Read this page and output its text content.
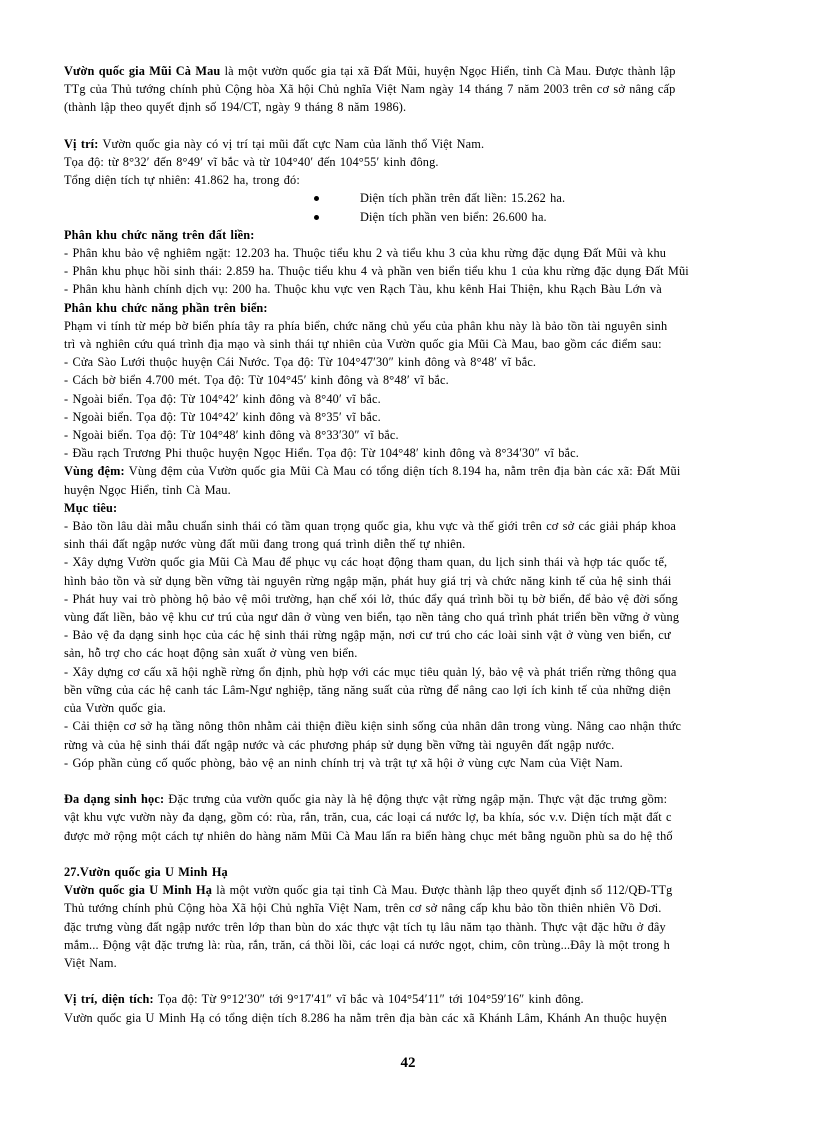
Vườn quốc gia Mũi Cà Mau là một vườn quốc gia tại xã Đất Mũi, huyện Ngọc Hiển, tỉnh Cà Mau. Được thành lập
TTg của Thủ tướng chính phủ Cộng hòa Xã hội Chủ nghĩa Việt Nam ngày 14 tháng 7 năm 2003 trên cơ sở nâng cấp
(thành lập theo quyết định số 194/CT, ngày 9 tháng 8 năm 1986).

Vị trí: Vườn quốc gia này có vị trí tại mũi đất cực Nam của lãnh thổ Việt Nam.
Tọa độ: từ 8°32′ đến 8°49′ vĩ bắc và từ 104°40′ đến 104°55′ kinh đông.
Tổng diện tích tự nhiên: 41.862 ha, trong đó:
Diện tích phần trên đất liền: 15.262 ha.
Diện tích phần ven biển: 26.600 ha.

Phân khu chức năng trên đất liền:
- Phân khu bảo vệ nghiêm ngặt: 12.203 ha. Thuộc tiểu khu 2 và tiểu khu 3 của khu rừng đặc dụng Đất Mũi và khu
- Phân khu phục hồi sinh thái: 2.859 ha. Thuộc tiểu khu 4 và phần ven biển tiểu khu 1 của khu rừng đặc dụng Đất Mũi
- Phân khu hành chính dịch vụ: 200 ha. Thuộc khu vực ven Rạch Tàu, khu kênh Hai Thiện, khu Rạch Bàu Lớn và

Phân khu chức năng phần trên biển:
Phạm vi tính từ mép bờ biển phía tây ra phía biển, chức năng chủ yếu của phân khu này là bảo tồn tài nguyên sinh
trì và nghiên cứu quá trình địa mạo và sinh thái tự nhiên của Vườn quốc gia Mũi Cà Mau, bao gồm các điểm sau:
- Cửa Sào Lưới thuộc huyện Cái Nước. Tọa độ: Từ 104°47′30″ kinh đông và 8°48′ vĩ bắc.
- Cách bờ biển 4.700 mét. Tọa độ: Từ 104°45′ kinh đông và 8°48′ vĩ bắc.
- Ngoài biển. Tọa độ: Từ 104°42′ kinh đông và 8°40′ vĩ bắc.
- Ngoài biển. Tọa độ: Từ 104°42′ kinh đông và 8°35′ vĩ bắc.
- Ngoài biển. Tọa độ: Từ 104°48′ kinh đông và 8°33′30″ vĩ bắc.
- Đầu rạch Trương Phi thuộc huyện Ngọc Hiển. Tọa độ: Từ 104°48′ kinh đông và 8°34′30″ vĩ bắc.

Vùng đệm: Vùng đệm của Vườn quốc gia Mũi Cà Mau có tổng diện tích 8.194 ha, nằm trên địa bàn các xã: Đất Mũi
huyện Ngọc Hiển, tỉnh Cà Mau.

Mục tiêu:
- Bảo tồn lâu dài mẫu chuẩn sinh thái có tầm quan trọng quốc gia, khu vực và thế giới trên cơ sở các giải pháp khoa
sinh thái đất ngập nước vùng đất mũi đang trong quá trình diễn thế tự nhiên.
- Xây dựng Vườn quốc gia Mũi Cà Mau để phục vụ các hoạt động tham quan, du lịch sinh thái và hợp tác quốc tế,
hình bảo tồn và sử dụng bền vững tài nguyên rừng ngập mặn, phát huy giá trị và chức năng kinh tế của hệ sinh thái
- Phát huy vai trò phòng hộ bảo vệ môi trường, hạn chế xói lở, thúc đẩy quá trình bồi tụ bờ biển, để bảo vệ đời sống
vùng đất liền, bảo vệ khu cư trú của ngư dân ở vùng ven biển, tạo nền tảng cho quá trình phát triển bền vững ở vùng
- Bảo vệ đa dạng sinh học của các hệ sinh thái rừng ngập mặn, nơi cư trú cho các loài sinh vật ở vùng ven biển, cư
sản, hỗ trợ cho các hoạt động sản xuất ở vùng ven biển.
- Xây dựng cơ cấu xã hội nghề rừng ổn định, phù hợp với các mục tiêu quản lý, bảo vệ và phát triển rừng thông qua
bền vững của các hệ canh tác Lâm-Ngư nghiệp, tăng năng suất của rừng để nâng cao lợi ích kinh tế của những diện
của Vườn quốc gia.
- Cải thiện cơ sở hạ tầng nông thôn nhằm cải thiện điều kiện sinh sống của nhân dân trong vùng. Nâng cao nhận thức
rừng và của hệ sinh thái đất ngập nước và các phương pháp sử dụng bền vững tài nguyên đất ngập nước.
- Góp phần củng cố quốc phòng, bảo vệ an ninh chính trị và trật tự xã hội ở vùng cực Nam của Việt Nam.

Đa dạng sinh học: Đặc trưng của vườn quốc gia này là hệ động thực vật rừng ngập mặn. Thực vật đặc trưng gồm:
vật khu vực vườn này đa dạng, gồm có: rùa, rắn, trăn, cua, các loại cá nước lợ, ba khía, sóc v.v. Diện tích mặt đất c
được mở rộng một cách tự nhiên do hàng năm Mũi Cà Mau lấn ra biển hàng chục mét bằng nguồn phù sa do hệ thố

27.Vườn quốc gia U Minh Hạ
Vườn quốc gia U Minh Hạ là một vườn quốc gia tại tỉnh Cà Mau. Được thành lập theo quyết định số 112/QĐ-TTg
Thủ tướng chính phủ Cộng hòa Xã hội Chủ nghĩa Việt Nam, trên cơ sở nâng cấp khu bảo tồn thiên nhiên Vồ Dơi.
đặc trưng vùng đất ngập nước trên lớp than bùn do xác thực vật tích tụ lâu năm tạo thành. Thực vật đặc hữu ở đây
mắm... Động vật đặc trưng là: rùa, rắn, trăn, cá thồi lồi, các loại cá nước ngọt, chim, côn trùng...Đây là một trong h
Việt Nam.

Vị trí, diện tích: Tọa độ: Từ 9°12′30″ tới 9°17′41″ vĩ bắc và 104°54′11″ tới 104°59′16″ kinh đông.
Vườn quốc gia U Minh Hạ có tổng diện tích 8.286 ha nằm trên địa bàn các xã Khánh Lâm, Khánh An thuộc huyện

42
